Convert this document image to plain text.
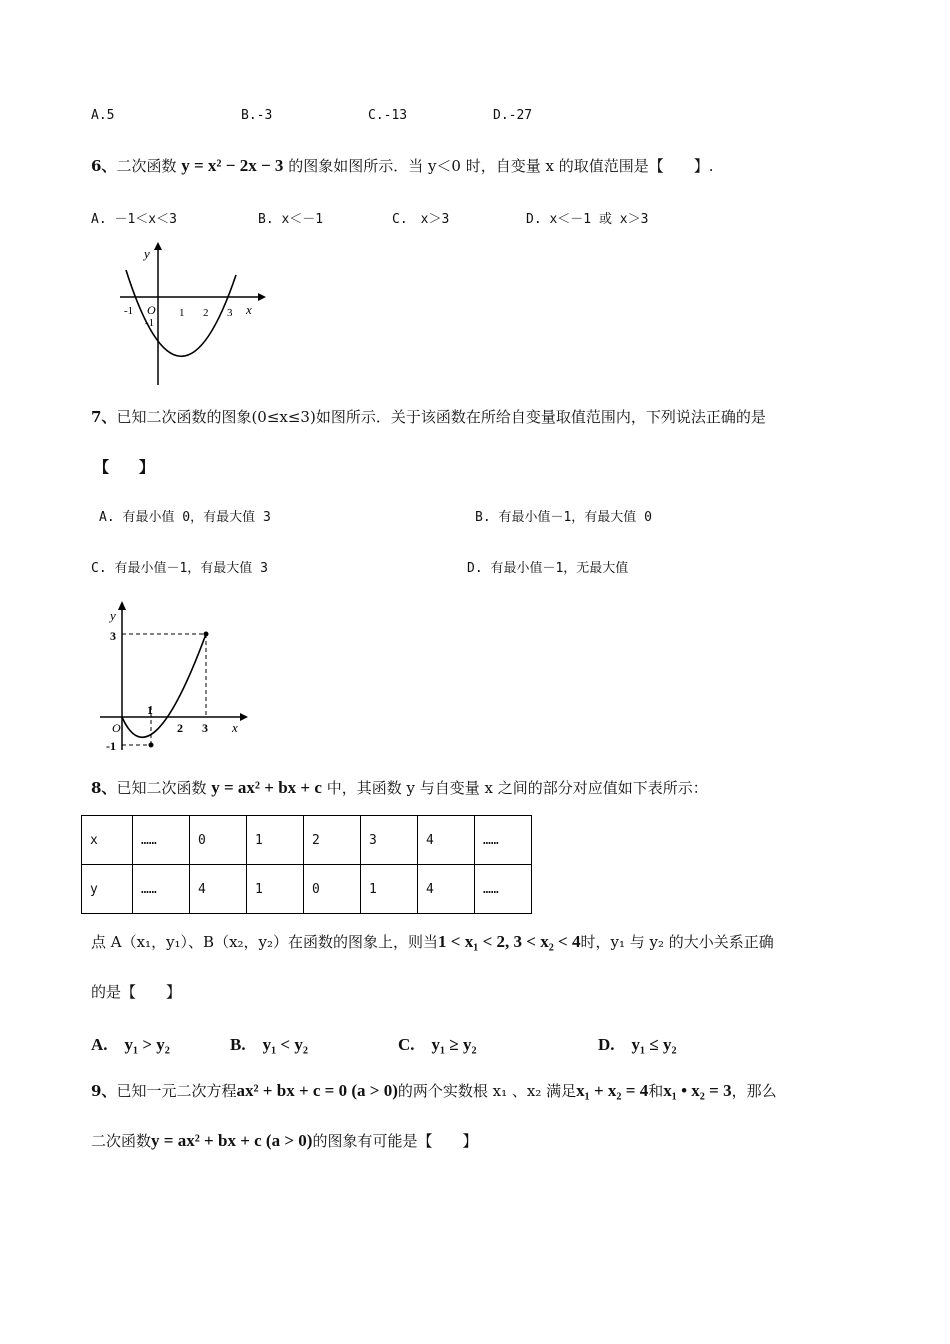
A.5	B.-3	C.-13	D.-27
6、二次函数 y = x² − 2x − 3 的图象如图所示．当 y＜0 时，自变量 x 的取值范围是【　　】.
A. －1＜x＜3	B. x＜－1	C.　x＞3	D. x＜－1 或 x＞3
y
x
O
-1	1 2 3
-1
7、已知二次函数的图象(0≤x≤3)如图所示．关于该函数在所给自变量取值范围内，下列说法正确的是
【　　】
A. 有最小值 0，有最大值 3	B. 有最小值－1，有最大值 0
C. 有最小值－1，有最大值 3	D. 有最小值－1，无最大值
y
x
3
O
1
2 3
-1
8、已知二次函数 y = ax² + bx + c 中，其函数 y 与自变量 x 之间的部分对应值如下表所示：
x	……	0	1	2	3	4	……
y	……	4	1	0	1	4	……
点 A（x₁，y₁）、B（x₂，y₂）在函数的图象上，则当1 < x₁ < 2, 3 < x₂ < 4时，y₁ 与 y₂ 的大小关系正确
的是【　　】
A.　y₁ > y₂	B.　y₁ < y₂	C.　y₁ ≥ y₂	D.　y₁ ≤ y₂
9、已知一元二次方程ax² + bx + c = 0 (a > 0)的两个实数根 x₁ 、x₂ 满足x₁ + x₂ = 4和x₁ • x₂ = 3，那么
二次函数y = ax² + bx + c (a > 0)的图象有可能是【　　】
